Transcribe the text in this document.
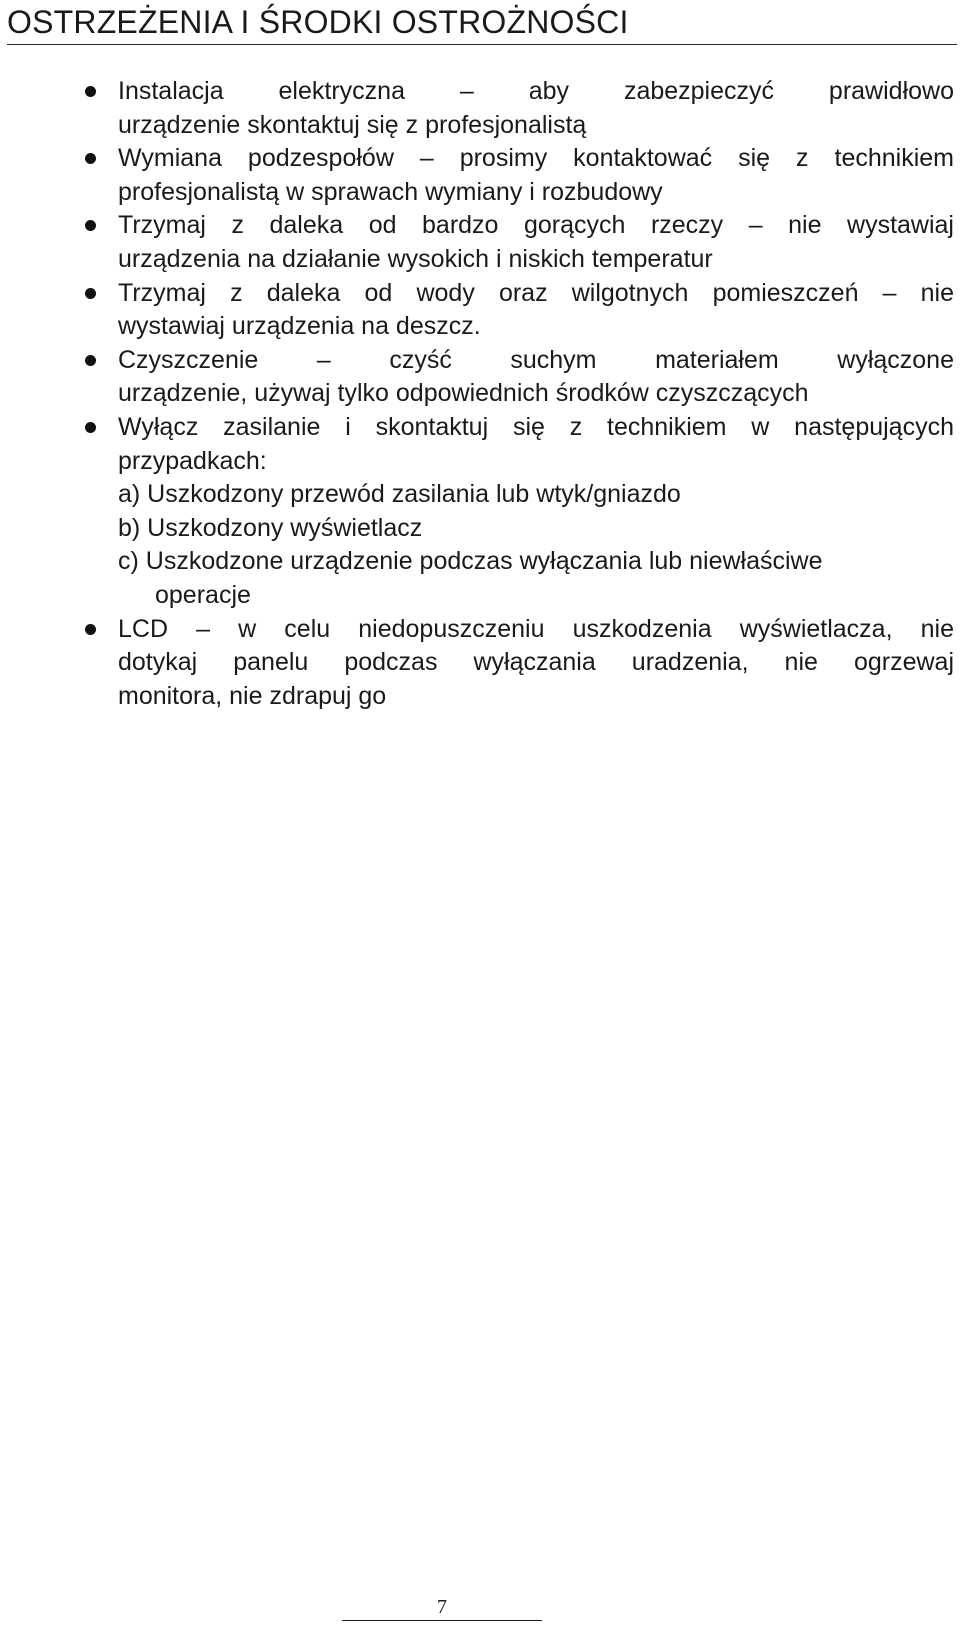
OSTRZEŻENIA I ŚRODKI OSTROŻNOŚCI
Instalacja elektryczna – aby zabezpieczyć prawidłowo
urządzenie skontaktuj się z profesjonalistą
Wymiana podzespołów – prosimy kontaktować się z technikiem
profesjonalistą w sprawach wymiany i rozbudowy
Trzymaj z daleka od bardzo gorących rzeczy – nie wystawiaj
urządzenia na działanie wysokich i niskich temperatur
Trzymaj z daleka od wody oraz wilgotnych pomieszczeń – nie
wystawiaj urządzenia na deszcz.
Czyszczenie – czyść suchym materiałem wyłączone
urządzenie, używaj tylko odpowiednich środków czyszczących
Wyłącz zasilanie i skontaktuj się z technikiem w następujących
przypadkach:
a) Uszkodzony przewód zasilania lub wtyk/gniazdo
b) Uszkodzony wyświetlacz
c) Uszkodzone urządzenie podczas wyłączania lub niewłaściwe
operacje
LCD – w celu niedopuszczeniu uszkodzenia wyświetlacza, nie
dotykaj panelu podczas wyłączania uradzenia, nie ogrzewaj
monitora, nie zdrapuj go
7
